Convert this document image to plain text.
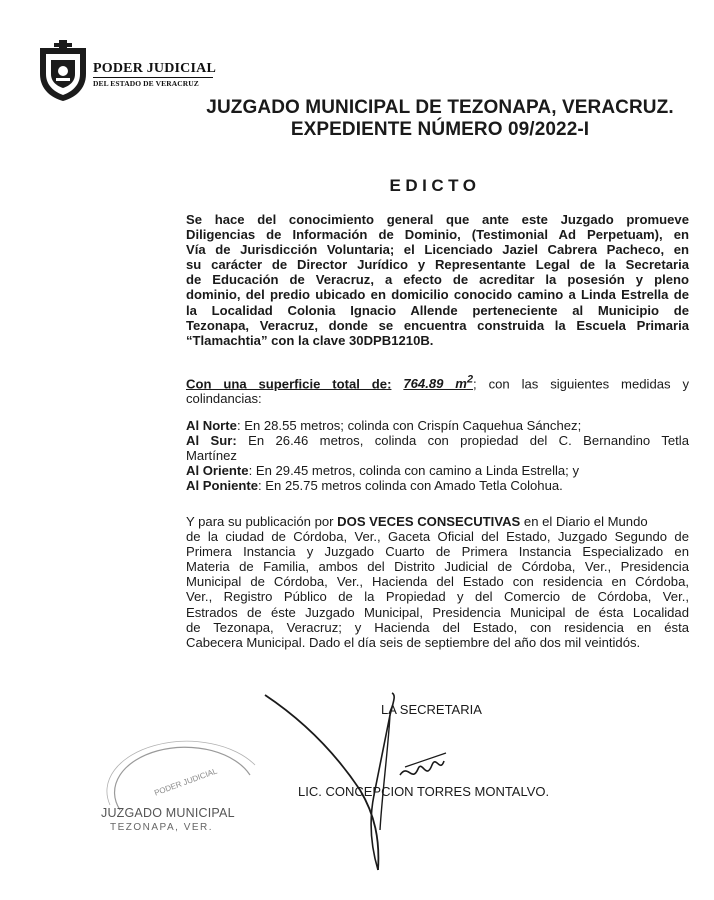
PODER JUDICIAL
DEL ESTADO DE VERACRUZ
JUZGADO MUNICIPAL DE TEZONAPA, VERACRUZ.
EXPEDIENTE NÚMERO 09/2022-I
EDICTO
Se hace del conocimiento general que ante este Juzgado promueve
Diligencias de Información de Dominio, (Testimonial Ad Perpetuam), en
Vía de Jurisdicción Voluntaria; el Licenciado Jaziel Cabrera Pacheco, en
su carácter de Director Jurídico y Representante Legal de la Secretaria
de Educación de Veracruz, a efecto de acreditar la posesión y pleno
dominio, del predio ubicado en domicilio conocido camino a Linda Estrella de
la Localidad Colonia Ignacio Allende perteneciente al Municipio de
Tezonapa, Veracruz, donde se encuentra construida la Escuela Primaria
“Tlamachtia” con la clave 30DPB1210B.
Con una superficie total de: 764.89 $m^2$; con las siguientes medidas y
colindancias:
Al Norte: En 28.55 metros; colinda con Crispín Caquehua Sánchez;
Al Sur: En 26.46 metros, colinda con propiedad del C. Bernandino Tetla
Martínez
Al Oriente: En 29.45 metros, colinda con camino a Linda Estrella; y
Al Poniente: En 25.75 metros colinda con Amado Tetla Colohua.
Y para su publicación por DOS VECES CONSECUTIVAS en el Diario el Mundo
de la ciudad de Córdoba, Ver., Gaceta Oficial del Estado, Juzgado Segundo de
Primera Instancia y Juzgado Cuarto de Primera Instancia Especializado en
Materia de Familia, ambos del Distrito Judicial de Córdoba, Ver., Presidencia
Municipal de Córdoba, Ver., Hacienda del Estado con residencia en Córdoba,
Ver., Registro Público de la Propiedad y del Comercio de Córdoba, Ver.,
Estrados de éste Juzgado Municipal, Presidencia Municipal de ésta Localidad
de Tezonapa, Veracruz; y Hacienda del Estado, con residencia en ésta
Cabecera Municipal. Dado el día seis de septiembre del año dos mil veintidós.
PODER JUDICIAL
JUZGADO MUNICIPAL
TEZONAPA, VER.
LA SECRETARIA
LIC. CONCEPCION TORRES MONTALVO.
